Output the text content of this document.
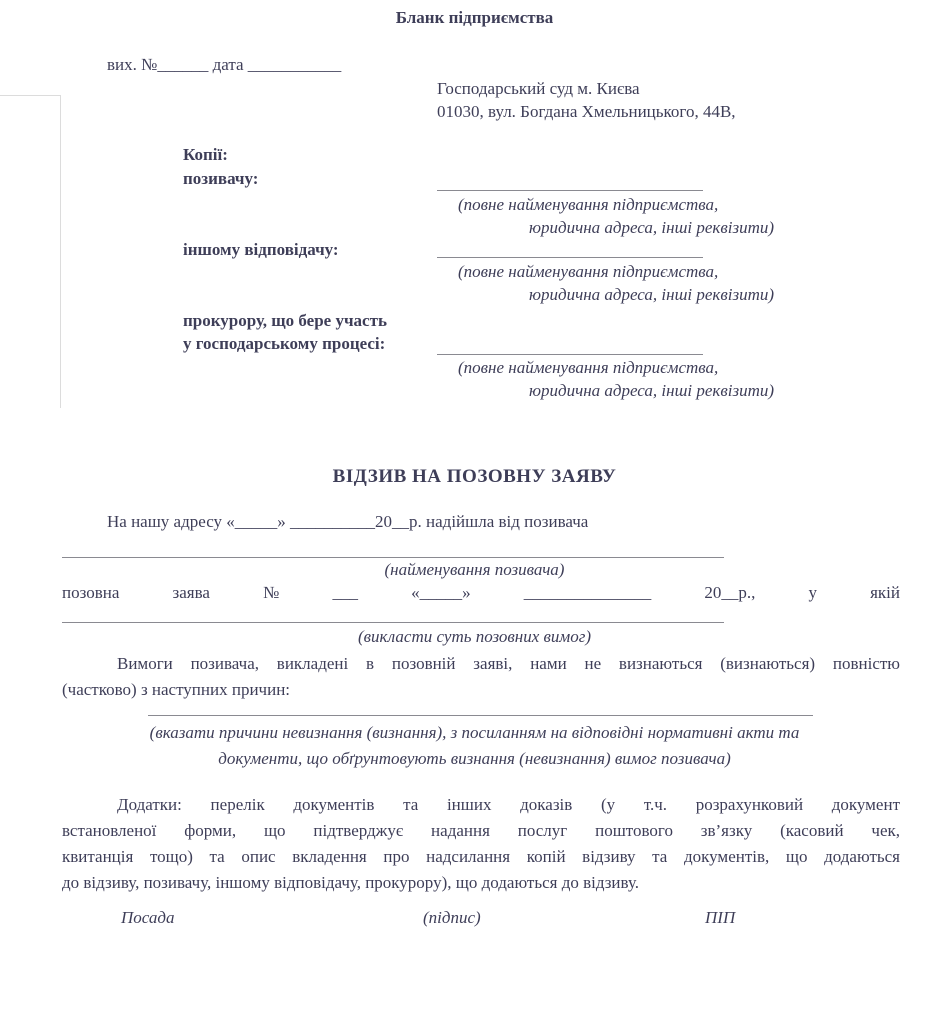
Бланк підприємства
вих. №______ дата ___________
Господарський суд м. Києва
01030, вул. Богдана Хмельницького, 44В,
Копії:
позивачу:
(повне найменування підприємства,
юридична адреса, інші реквізити)
іншому відповідачу:
(повне найменування підприємства,
юридична адреса, інші реквізити)
прокурору, що бере участь
у господарському процесі:
(повне найменування підприємства,
юридична адреса, інші реквізити)
ВІДЗИВ НА ПОЗОВНУ ЗАЯВУ
На нашу адресу «_____» __________20__р. надійшла від позивача
(найменування позивача)
позовна	заява	№	___	«_____»	_______________	20__р.,	у	якій
(викласти суть позовних вимог)
Вимоги позивача, викладені в позовній заяві, нами не визнаються (визнаються) повністю
(частково) з наступних причин:
(вказати причини невизнання (визнання), з посиланням на відповідні нормативні акти та
документи, що обґрунтовують визнання (невизнання) вимог позивача)
Додатки: перелік документів та інших доказів (у т.ч. розрахунковий документ
встановленої форми, що підтверджує надання послуг поштового зв’язку (касовий чек,
квитанція тощо) та опис вкладення про надсилання копій відзиву та документів, що додаються
до відзиву, позивачу, іншому відповідачу, прокурору), що додаються до відзиву.
Посада	(підпис)	ПІП
